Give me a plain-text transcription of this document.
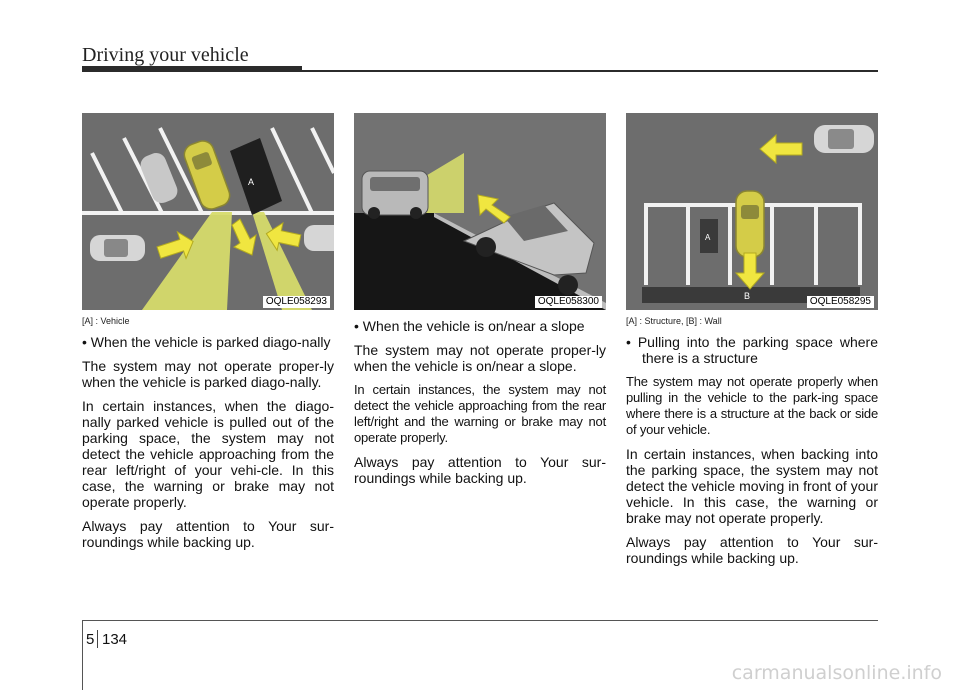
Driving your vehicle
A
OQLE058293
[A] : Vehicle
• When the vehicle is parked diago-nally
The system may not operate proper-ly when the vehicle is parked diago-nally.
In certain instances, when the diago-nally parked vehicle is pulled out of the parking space, the system may not detect the vehicle approaching from the rear left/right of your vehi-cle. In this case, the warning or brake may not operate properly.
Always pay attention to Your sur-roundings while backing up.
OQLE058300
• When the vehicle is on/near a slope
The system may not operate proper-ly when the vehicle is on/near a slope.
In certain instances, the system may not detect the vehicle approaching from the rear left/right and the warning or brake may not operate properly.
Always pay attention to Your sur-roundings while backing up.
B
A
OQLE058295
[A] : Structure, [B] : Wall
• Pulling into the parking space where there is a structure
The system may not operate properly when pulling in the vehicle to the park-ing space where there is a structure at the back or side of your vehicle.
In certain instances, when backing into the parking space, the system may not detect the vehicle moving in front of your vehicle. In this case, the warning or brake may not operate properly.
Always pay attention to Your sur-roundings while backing up.
5 134
carmanualsonline.info
